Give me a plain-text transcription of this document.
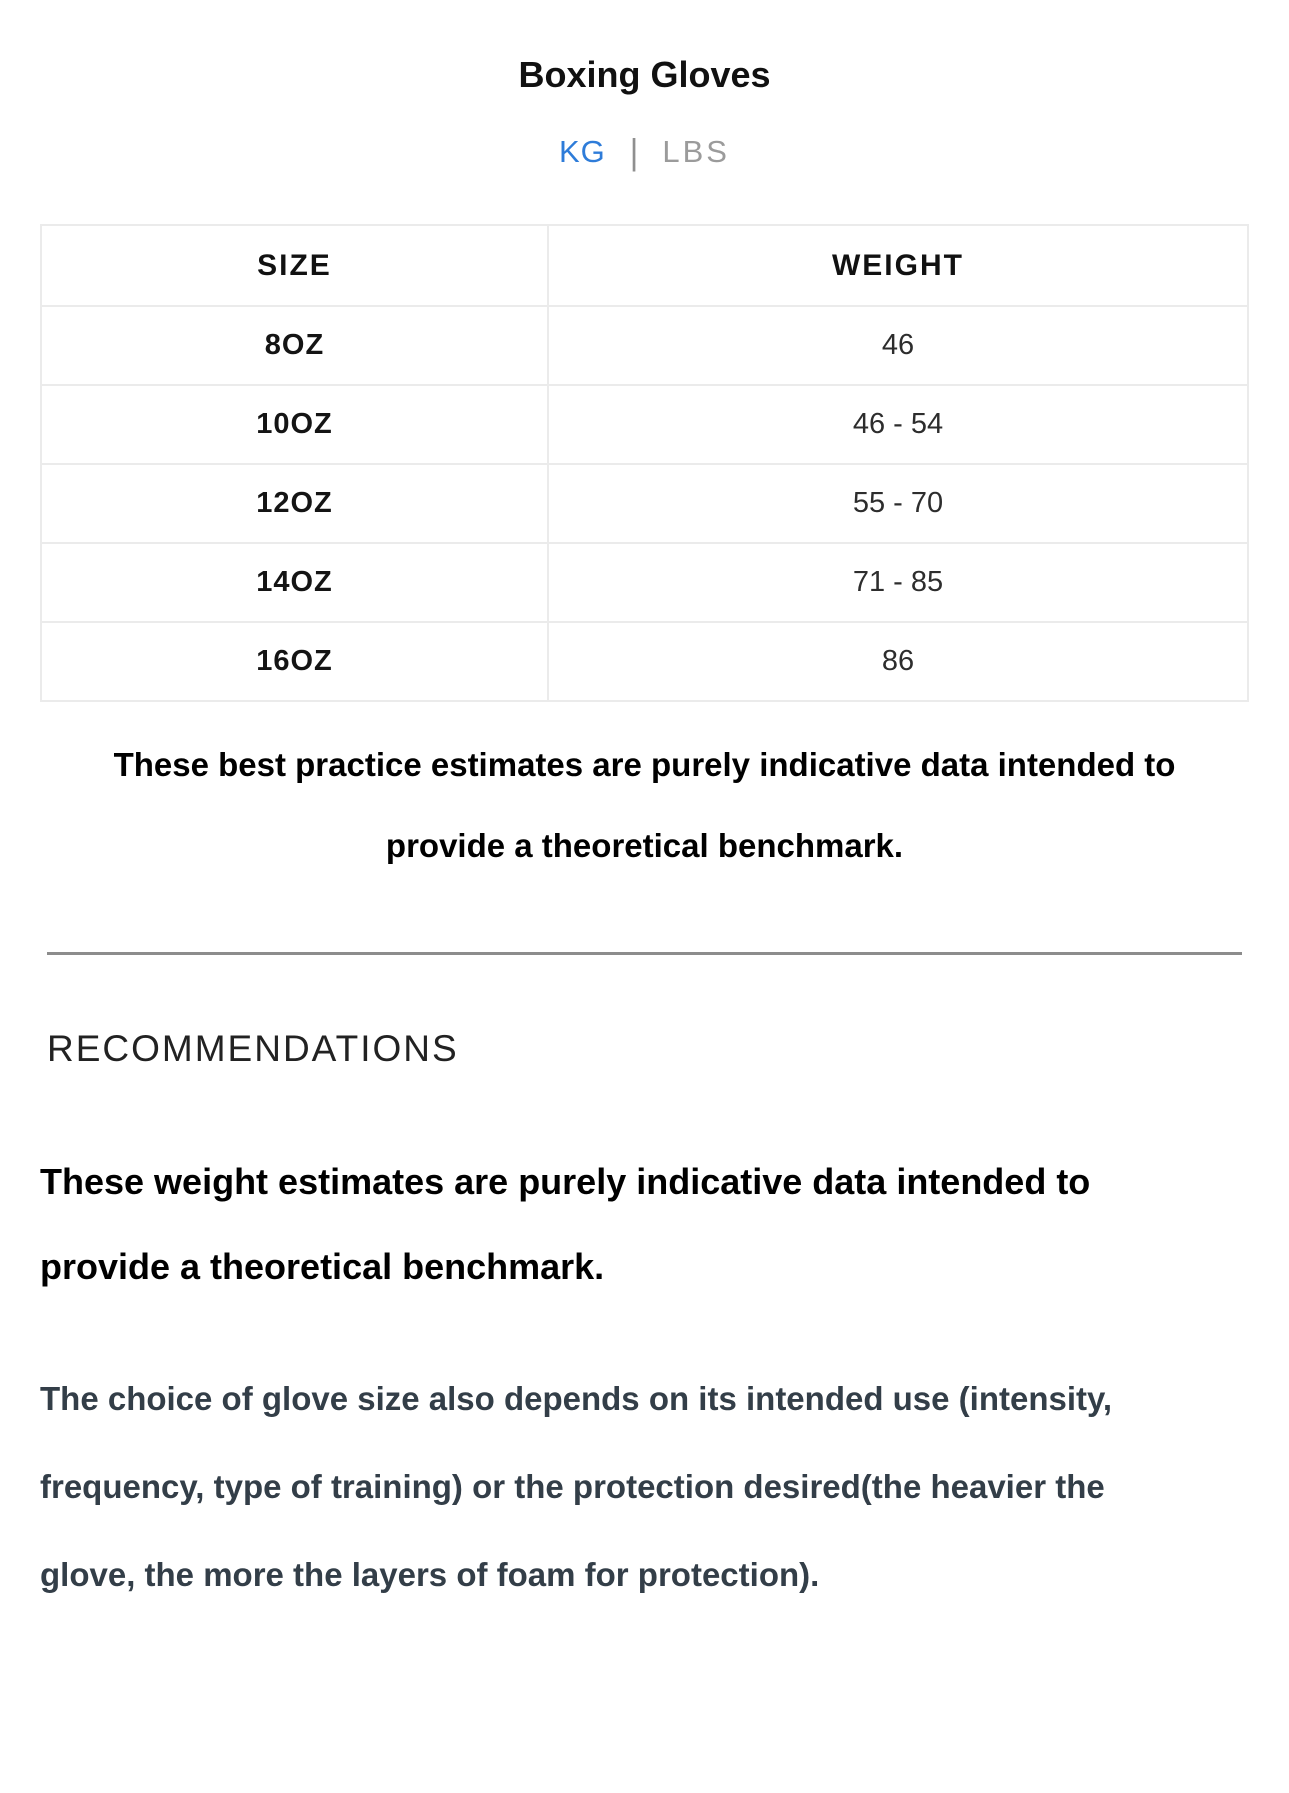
Boxing Gloves
KG | LBS
SIZE	WEIGHT
8OZ	46
10OZ	46 - 54
12OZ	55 - 70
14OZ	71 - 85
16OZ	86

These best practice estimates are purely indicative data intended to provide a theoretical benchmark.

RECOMMENDATIONS

These weight estimates are purely indicative data intended to provide a theoretical benchmark.

The choice of glove size also depends on its intended use (intensity, frequency, type of training) or the protection desired(the heavier the glove, the more the layers of foam for protection).
